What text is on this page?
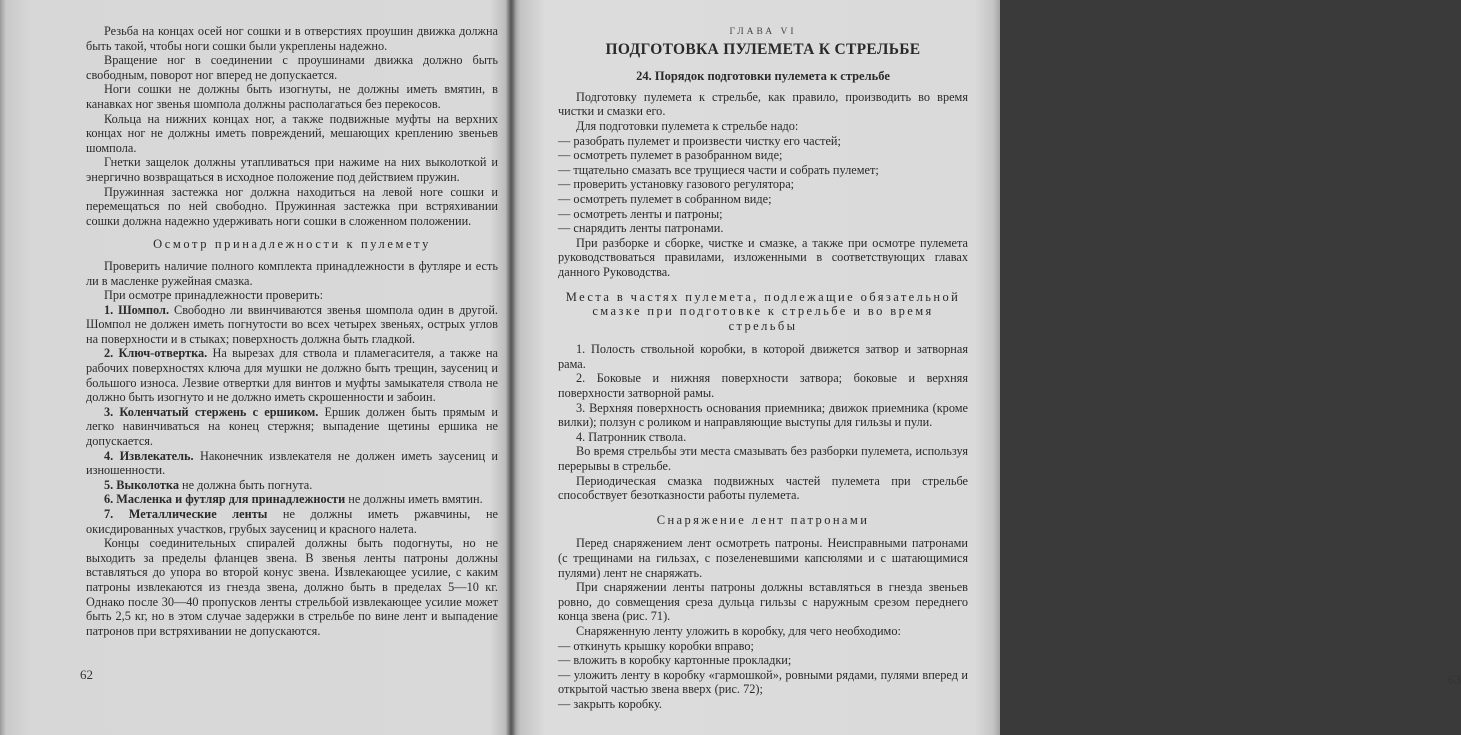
Резьба на концах осей ног сошки и в отверстиях проушин движка должна быть такой, чтобы ноги сошки были укреплены надежно.

Вращение ног в соединении с проушинами движка должно быть свободным, поворот ног вперед не допускается.

Ноги сошки не должны быть изогнуты, не должны иметь вмятин, в канавках ног звенья шомпола должны располагаться без перекосов.

Кольца на нижних концах ног, а также подвижные муфты на верхних концах ног не должны иметь повреждений, мешающих креплению звеньев шомпола.

Гнетки защелок должны утапливаться при нажиме на них выколоткой и энергично возвращаться в исходное положение под действием пружин.

Пружинная застежка ног должна находиться на левой ноге сошки и перемещаться по ней свободно. Пружинная застежка при встряхивании сошки должна надежно удерживать ноги сошки в сложенном положении.

Осмотр принадлежности к пулемету

Проверить наличие полного комплекта принадлежности в футляре и есть ли в масленке ружейная смазка.

При осмотре принадлежности проверить:

1. Шомпол. Свободно ли ввинчиваются звенья шомпола один в другой. Шомпол не должен иметь погнутости во всех четырех звеньях, острых углов на поверхности и в стыках; поверхность должна быть гладкой.

2. Ключ-отвертка. На вырезах для ствола и пламегасителя, а также на рабочих поверхностях ключа для мушки не должно быть трещин, заусениц и большого износа. Лезвие отвертки для винтов и муфты замыкателя ствола не должно быть изогнуто и не должно иметь скрошенности и забоин.

3. Коленчатый стержень с ершиком. Ершик должен быть прямым и легко навинчиваться на конец стержня; выпадение щетины ершика не допускается.

4. Извлекатель. Наконечник извлекателя не должен иметь заусениц и изношенности.

5. Выколотка не должна быть погнута.

6. Масленка и футляр для принадлежности не должны иметь вмятин.

7. Металлические ленты не должны иметь ржавчины, не окисдированных участков, грубых заусениц и красного налета.

Концы соединительных спиралей должны быть подогнуты, но не выходить за пределы фланцев звена. В звенья ленты патроны должны вставляться до упора во второй конус звена. Извлекающее усилие, с каким патроны извлекаются из гнезда звена, должно быть в пределах 5—10 кг. Однако после 30—40 пропусков ленты стрельбой извлекающее усилие может быть 2,5 кг, но в этом случае задержки в стрельбе по вине лент и выпадение патронов при встряхивании не допускаются.

62
ГЛАВА VI
ПОДГОТОВКА ПУЛЕМЕТА К СТРЕЛЬБЕ
24. Порядок подготовки пулемета к стрельбе

Подготовку пулемета к стрельбе, как правило, производить во время чистки и смазки его.

Для подготовки пулемета к стрельбе надо:

— разобрать пулемет и произвести чистку его частей;

— осмотреть пулемет в разобранном виде;

— тщательно смазать все трущиеся части и собрать пулемет;

— проверить установку газового регулятора;

— осмотреть пулемет в собранном виде;

— осмотреть ленты и патроны;

— снарядить ленты патронами.

При разборке и сборке, чистке и смазке, а также при осмотре пулемета руководствоваться правилами, изложенными в соответствующих главах данного Руководства.

Места в частях пулемета, подлежащие обязательной смазке при подготовке к стрельбе и во время стрельбы

1. Полость ствольной коробки, в которой движется затвор и затворная рама.

2. Боковые и нижняя поверхности затвора; боковые и верхняя поверхности затворной рамы.

3. Верхняя поверхность основания приемника; движок приемника (кроме вилки); ползун с роликом и направляющие выступы для гильзы и пули.

4. Патронник ствола.

Во время стрельбы эти места смазывать без разборки пулемета, используя перерывы в стрельбе.

Периодическая смазка подвижных частей пулемета при стрельбе способствует безотказности работы пулемета.

Снаряжение лент патронами

Перед снаряжением лент осмотреть патроны. Неисправными патронами (с трещинами на гильзах, с позеленевшими капсюлями и с шатающимися пулями) лент не снаряжать.

При снаряжении ленты патроны должны вставляться в гнезда звеньев ровно, до совмещения среза дульца гильзы с наружным срезом переднего конца звена (рис. 71).

Снаряженную ленту уложить в коробку, для чего необходимо:

— откинуть крышку коробки вправо;

— вложить в коробку картонные прокладки;

— уложить ленту в коробку «гармошкой», ровными рядами, пулями вперед и открытой частью звена вверх (рис. 72);

— закрыть коробку.

63
